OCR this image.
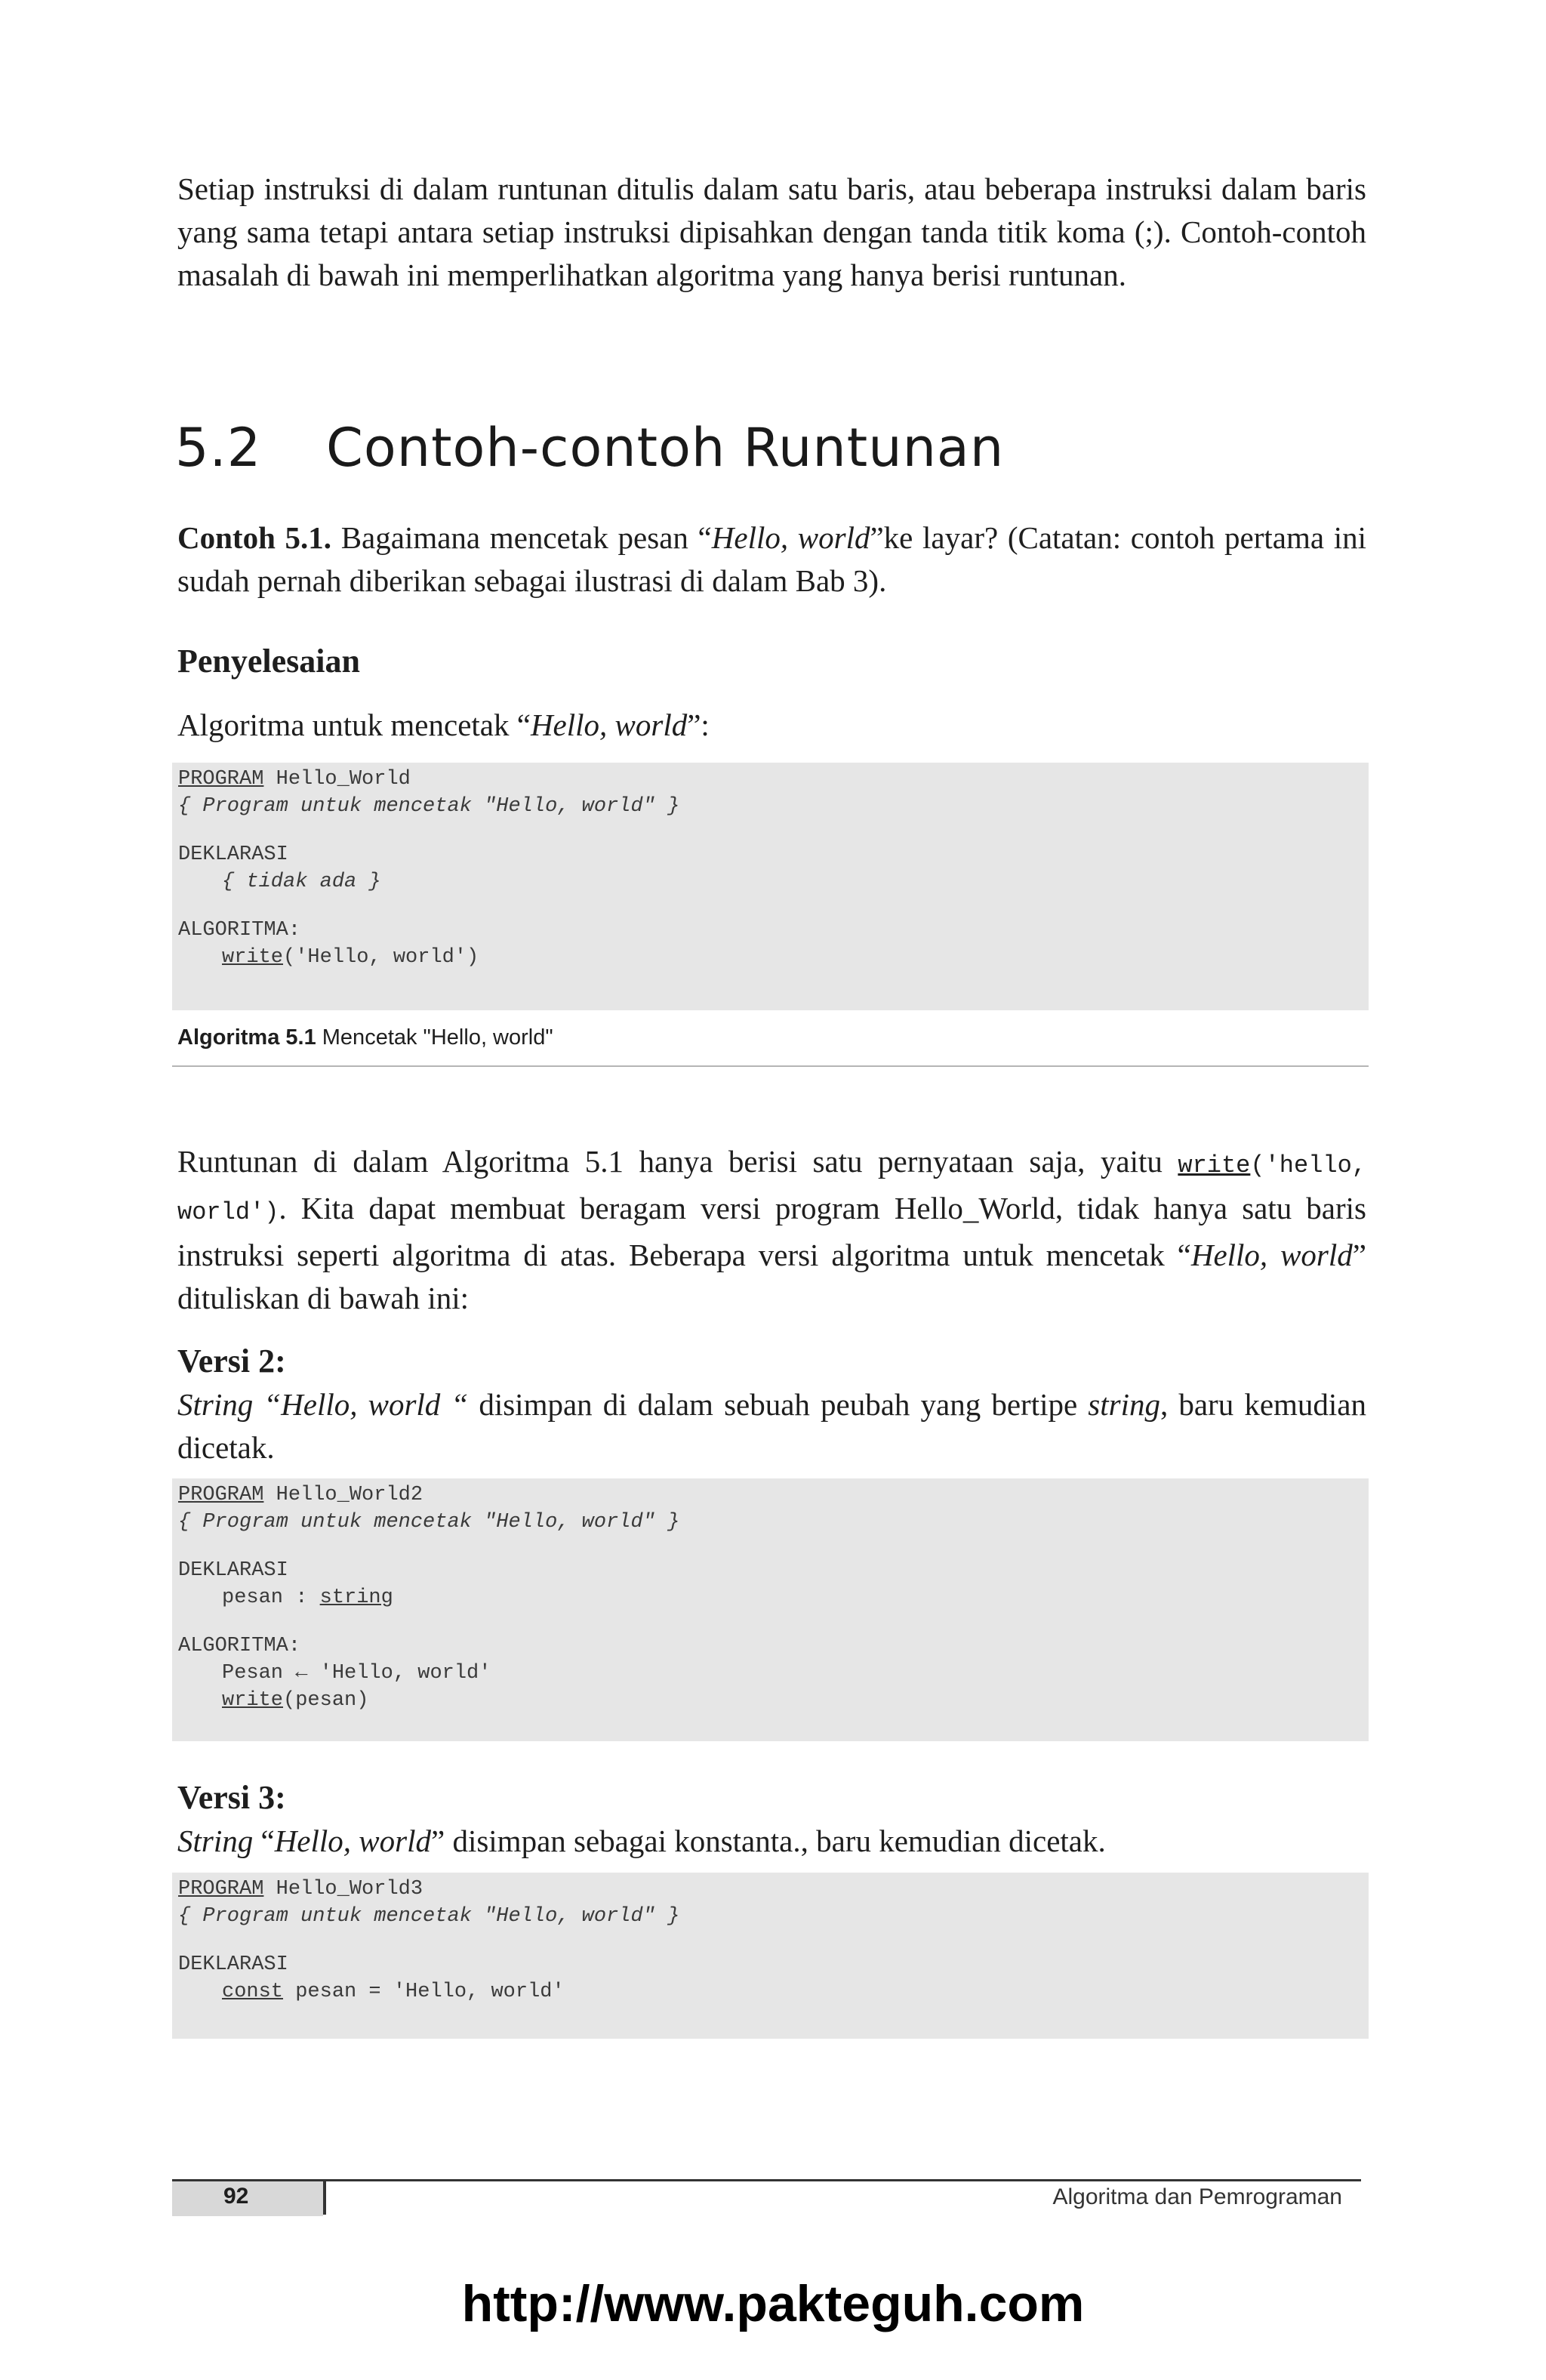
Setiap instruksi di dalam runtunan ditulis dalam satu baris, atau beberapa instruksi dalam baris yang sama tetapi antara setiap instruksi dipisahkan dengan tanda titik koma (;). Contoh-contoh masalah di bawah ini memperlihatkan algoritma yang hanya berisi runtunan.

5.2 Contoh-contoh Runtunan

Contoh 5.1. Bagaimana mencetak pesan “Hello, world”ke layar? (Catatan: contoh pertama ini sudah pernah diberikan sebagai ilustrasi di dalam Bab 3).

Penyelesaian

Algoritma untuk mencetak “Hello, world”:

PROGRAM Hello_World
{ Program untuk mencetak "Hello, world" }
DEKLARASI
{ tidak ada }
ALGORITMA:
write('Hello, world')
Algoritma 5.1 Mencetak "Hello, world"

Runtunan di dalam Algoritma 5.1 hanya berisi satu pernyataan saja, yaitu write('hello, world'). Kita dapat membuat beragam versi program Hello_World, tidak hanya satu baris instruksi seperti algoritma di atas. Beberapa versi algoritma untuk mencetak “Hello, world” dituliskan di bawah ini:

Versi 2:

String “Hello, world “ disimpan di dalam sebuah peubah yang bertipe string, baru kemudian dicetak.

PROGRAM Hello_World2
{ Program untuk mencetak "Hello, world" }
DEKLARASI
pesan : string
ALGORITMA:
Pesan ← 'Hello, world'
write(pesan)

Versi 3:

String “Hello, world” disimpan sebagai konstanta., baru kemudian dicetak.

PROGRAM Hello_World3
{ Program untuk mencetak "Hello, world" }
DEKLARASI
const pesan = 'Hello, world'
92	Algoritma dan Pemrograman
http://www.pakteguh.com
